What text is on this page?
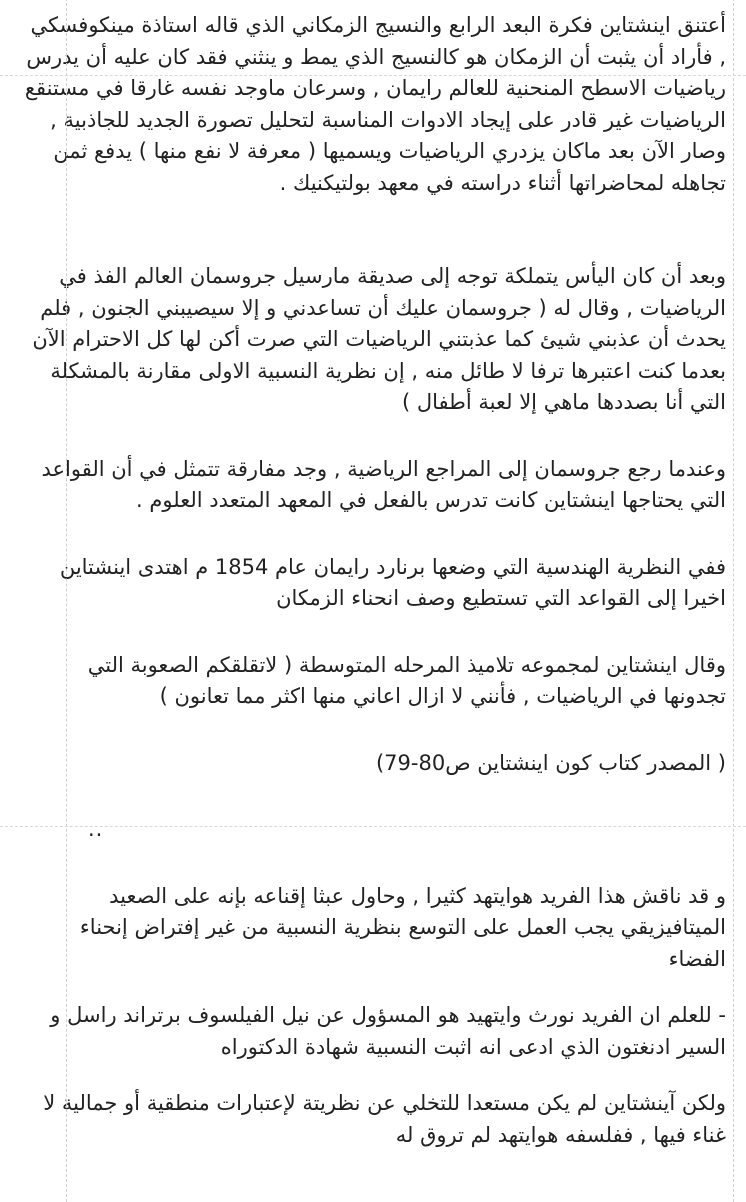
أعتنق اينشتاين فكرة البعد الرابع والنسيج الزمكاني الذي قاله استاذة مينكوفسكي , فأراد أن يثبت أن الزمكان هو كالنسيج الذي يمط و ينثني فقد كان عليه أن يدرس رياضيات الاسطح المنحنية للعالم رايمان , وسرعان ماوجد نفسه غارقا في مستنقع الرياضيات غير قادر على إيجاد الادوات المناسبة لتحليل تصورة الجديد للجاذبية , وصار الآن بعد ماكان يزدري الرياضيات ويسميها ( معرفة لا نفع منها ) يدفع ثمن تجاهله لمحاضراتها أثناء دراسته في معهد بولتيكنيك .

وبعد أن كان اليأس يتملكة توجه إلى صديقة مارسيل جروسمان العالم الفذ في الرياضيات , وقال له ( جروسمان عليك أن تساعدني و إلا سيصيبني الجنون , فلم يحدث أن عذبني شيئ كما عذبتني الرياضيات التي صرت أكن لها كل الاحترام الآن بعدما كنت اعتبرها ترفا لا طائل منه , إن نظرية النسبية الاولى مقارنة بالمشكلة التي أنا بصددها ماهي إلا لعبة أطفال )

وعندما رجع جروسمان إلى المراجع الرياضية , وجد مفارقة تتمثل في أن القواعد التي يحتاجها اينشتاين كانت تدرس بالفعل في المعهد المتعدد العلوم .

ففي النظرية الهندسية التي وضعها برنارد رايمان عام 1854 م اهتدى اينشتاين اخيرا إلى القواعد التي تستطيع وصف انحناء الزمكان

وقال اينشتاين لمجموعه تلاميذ المرحله المتوسطة ( لاتقلقكم الصعوبة التي تجدونها في الرياضيات , فأنني لا ازال اعاني منها اكثر مما تعانون )

( المصدر كتاب كون اينشتاين ص80-79)

..

و قد ناقش هذا الفريد هوايتهد كثيرا , وحاول عبثا إقناعه بإنه على الصعيد الميتافيزيقي يجب العمل على التوسع بنظرية النسبية من غير إفتراض إنحناء الفضاء

- للعلم ان الفريد نورث وايتهيد هو المسؤول عن نيل الفيلسوف برتراند راسل و السير ادنغتون الذي ادعى انه اثبت النسبية شهادة الدكتوراه

ولكن آينشتاين لم يكن مستعدا للتخلي عن نظريتة لإعتبارات منطقية أو جمالية لا غناء فيها , ففلسفه هوايتهد لم تروق له
